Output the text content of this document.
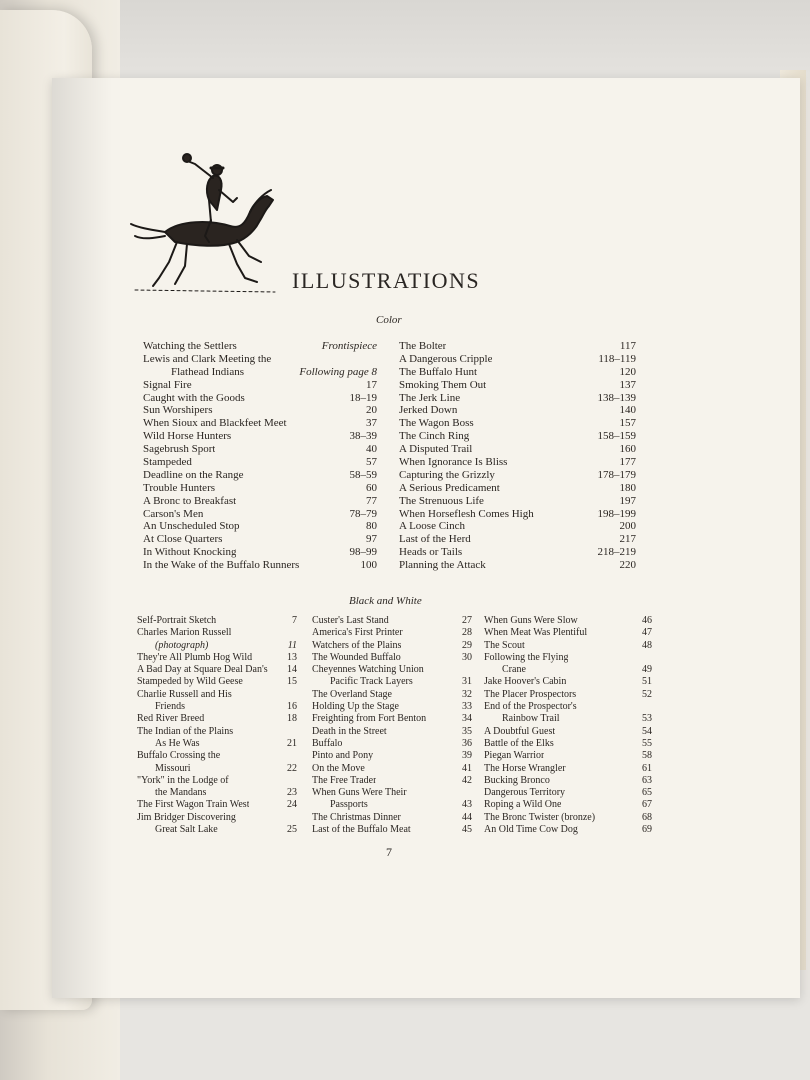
ILLUSTRATIONS
Color
Watching the Settlers	Frontispiece
Lewis and Clark Meeting the
Flathead Indians	Following page 8
Signal Fire	17
Caught with the Goods	18–19
Sun Worshipers	20
When Sioux and Blackfeet Meet	37
Wild Horse Hunters	38–39
Sagebrush Sport	40
Stampeded	57
Deadline on the Range	58–59
Trouble Hunters	60
A Bronc to Breakfast	77
Carson's Men	78–79
An Unscheduled Stop	80
At Close Quarters	97
In Without Knocking	98–99
In the Wake of the Buffalo Runners	100
The Bolter	117
A Dangerous Cripple	118–119
The Buffalo Hunt	120
Smoking Them Out	137
The Jerk Line	138–139
Jerked Down	140
The Wagon Boss	157
The Cinch Ring	158–159
A Disputed Trail	160
When Ignorance Is Bliss	177
Capturing the Grizzly	178–179
A Serious Predicament	180
The Strenuous Life	197
When Horseflesh Comes High	198–199
A Loose Cinch	200
Last of the Herd	217
Heads or Tails	218–219
Planning the Attack	220
Black and White
Self-Portrait Sketch	7
Charles Marion Russell
(photograph)	11
They're All Plumb Hog Wild	13
A Bad Day at Square Deal Dan's	14
Stampeded by Wild Geese	15
Charlie Russell and His
Friends	16
Red River Breed	18
The Indian of the Plains
As He Was	21
Buffalo Crossing the
Missouri	22
"York" in the Lodge of
the Mandans	23
The First Wagon Train West	24
Jim Bridger Discovering
Great Salt Lake	25
Custer's Last Stand	27
America's First Printer	28
Watchers of the Plains	29
The Wounded Buffalo	30
Cheyennes Watching Union
Pacific Track Layers	31
The Overland Stage	32
Holding Up the Stage	33
Freighting from Fort Benton	34
Death in the Street	35
Buffalo	36
Pinto and Pony	39
On the Move	41
The Free Trader	42
When Guns Were Their
Passports	43
The Christmas Dinner	44
Last of the Buffalo Meat	45
When Guns Were Slow	46
When Meat Was Plentiful	47
The Scout	48
Following the Flying
Crane	49
Jake Hoover's Cabin	51
The Placer Prospectors	52
End of the Prospector's
Rainbow Trail	53
A Doubtful Guest	54
Battle of the Elks	55
Piegan Warrior	58
The Horse Wrangler	61
Bucking Bronco	63
Dangerous Territory	65
Roping a Wild One	67
The Bronc Twister (bronze)	68
An Old Time Cow Dog	69
7
